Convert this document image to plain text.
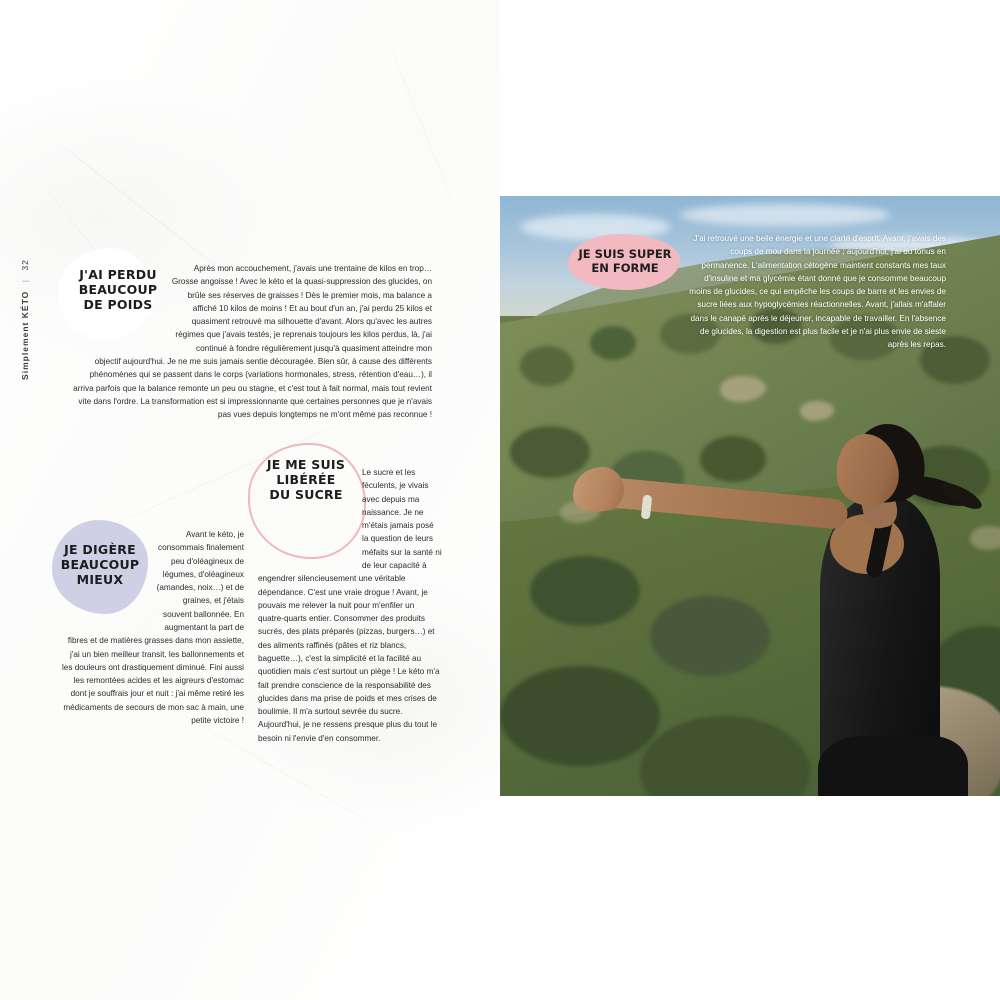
Simplement KÉTO | 32
J'AI PERDU
BEAUCOUP
DE POIDS
JE ME SUIS
LIBÉRÉE
DU SUCRE
JE DIGÈRE
BEAUCOUP
MIEUX
Après mon accouchement, j'avais une trentaine de kilos en trop… Grosse angoisse ! Avec le kéto et la quasi-suppression des glucides, on brûle ses réserves de graisses ! Dès le premier mois, ma balance a affiché 10 kilos de moins ! Et au bout d'un an, j'ai perdu 25 kilos et quasiment retrouvé ma silhouette d'avant. Alors qu'avec les autres régimes que j'avais testés, je reprenais toujours les kilos perdus, là, j'ai continué à fondre régulièrement jusqu'à quasiment atteindre mon objectif aujourd'hui. Je ne me suis jamais sentie découragée. Bien sûr, à cause des différents phénomènes qui se passent dans le corps (variations hormonales, stress, rétention d'eau…), il arriva parfois que la balance remonte un peu ou stagne, et c'est tout à fait normal, mais tout revient vite dans l'ordre. La transformation est si impressionnante que certaines personnes que je n'avais pas vues depuis longtemps ne m'ont même pas reconnue !
Le sucre et les féculents, je vivais avec depuis ma naissance. Je ne m'étais jamais posé la question de leurs méfaits sur la santé ni de leur capacité à engendrer silencieusement une véritable dépendance. C'est une vraie drogue ! Avant, je pouvais me relever la nuit pour m'enfiler un quatre-quarts entier. Consommer des produits sucrés, des plats préparés (pizzas, burgers…) et des aliments raffinés (pâtes et riz blancs, baguette…), c'est la simplicité et la facilité au quotidien mais c'est surtout un piège ! Le kéto m'a fait prendre conscience de la responsabilité des glucides dans ma prise de poids et mes crises de boulimie. Il m'a surtout sevrée du sucre. Aujourd'hui, je ne ressens presque plus du tout le besoin ni l'envie d'en consommer.
Avant le kéto, je consommais finalement peu d'oléagineux de légumes, d'oléagineux (amandes, noix…) et de graines, et j'étais souvent ballonnée. En augmentant la part de fibres et de matières grasses dans mon assiette, j'ai un bien meilleur transit, les ballonnements et les douleurs ont drastiquement diminué. Fini aussi les remontées acides et les aigreurs d'estomac dont je souffrais jour et nuit : j'ai même retiré les médicaments de secours de mon sac à main, une petite victoire !
JE SUIS SUPER
EN FORME
J'ai retrouvé une belle énergie et une clarté d'esprit. Avant, j'avais des coups de mou dans la journée ; aujourd'hui, j'ai du tonus en permanence. L'alimentation cétogène maintient constants mes taux d'insuline et ma glycémie étant donné que je consomme beaucoup moins de glucides, ce qui empêche les coups de barre et les envies de sucre liées aux hypoglycémies réactionnelles. Avant, j'allais m'affaler dans le canapé après le déjeuner, incapable de travailler. En l'absence de glucides, la digestion est plus facile et je n'ai plus envie de sieste après les repas.
